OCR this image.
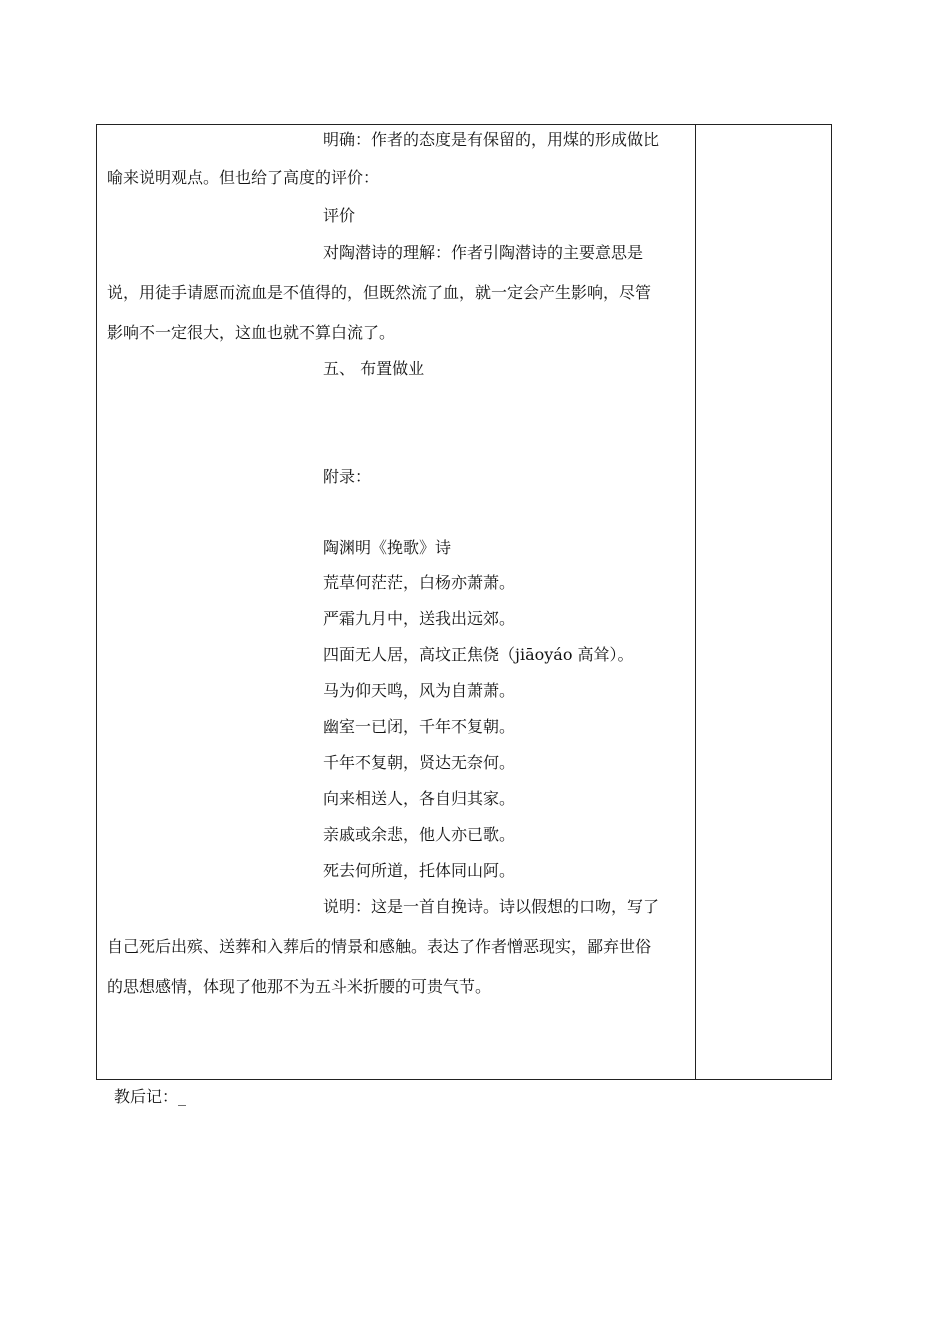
明确：作者的态度是有保留的，用煤的形成做比
喻来说明观点。但也给了高度的评价：
评价
对陶潜诗的理解：作者引陶潜诗的主要意思是
说，用徒手请愿而流血是不值得的，但既然流了血，就一定会产生影响，尽管
影响不一定很大，这血也就不算白流了。
五、 布置做业
附录：
陶渊明《挽歌》诗
荒草何茫茫，白杨亦萧萧。
严霜九月中，送我出远郊。
四面无人居，高坟正焦侥（jiāoyáo 高耸）。
马为仰天鸣，风为自萧萧。
幽室一已闭，千年不复朝。
千年不复朝，贤达无奈何。
向来相送人，各自归其家。
亲戚或余悲，他人亦已歌。
死去何所道，托体同山阿。
说明：这是一首自挽诗。诗以假想的口吻，写了
自己死后出殡、送葬和入葬后的情景和感触。表达了作者憎恶现实，鄙弃世俗
的思想感情，体现了他那不为五斗米折腰的可贵气节。
教后记：_
